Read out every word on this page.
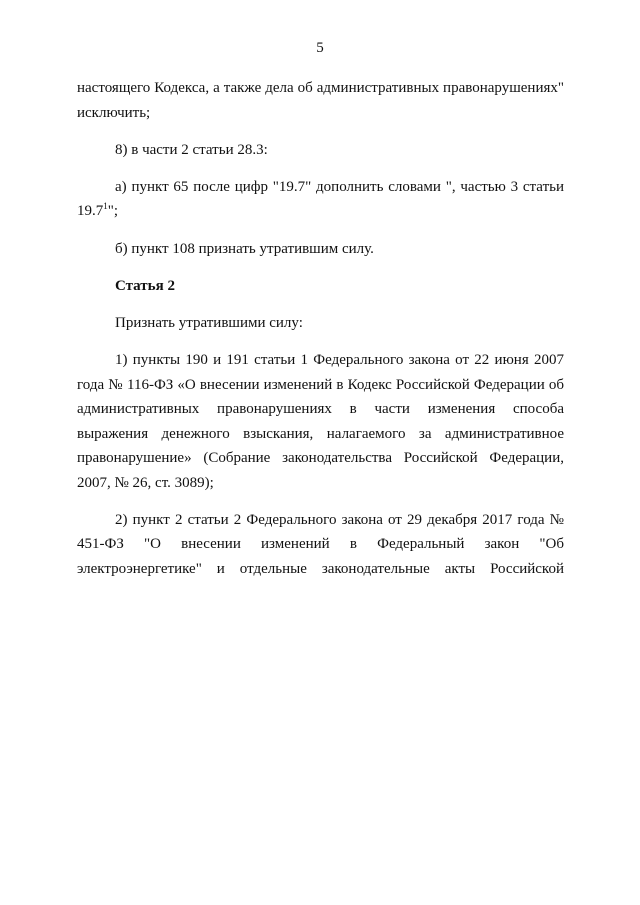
5

настоящего Кодекса, а также дела об административных правонарушениях" исключить;

8) в части 2 статьи 28.3:

а) пункт 65 после цифр "19.7" дополнить словами ", частью 3 статьи 19.7$^1$";

б) пункт 108 признать утратившим силу.

Статья 2

Признать утратившими силу:

1) пункты 190 и 191 статьи 1 Федерального закона от 22 июня 2007 года № 116-ФЗ «О внесении изменений в Кодекс Российской Федерации об административных правонарушениях в части изменения способа выражения денежного взыскания, налагаемого за административное правонарушение» (Собрание законодательства Российской Федерации, 2007, № 26, ст. 3089);

2) пункт 2 статьи 2 Федерального закона от 29 декабря 2017 года № 451-ФЗ "О внесении изменений в Федеральный закон "Об электроэнергетике" и отдельные законодательные акты Российской
